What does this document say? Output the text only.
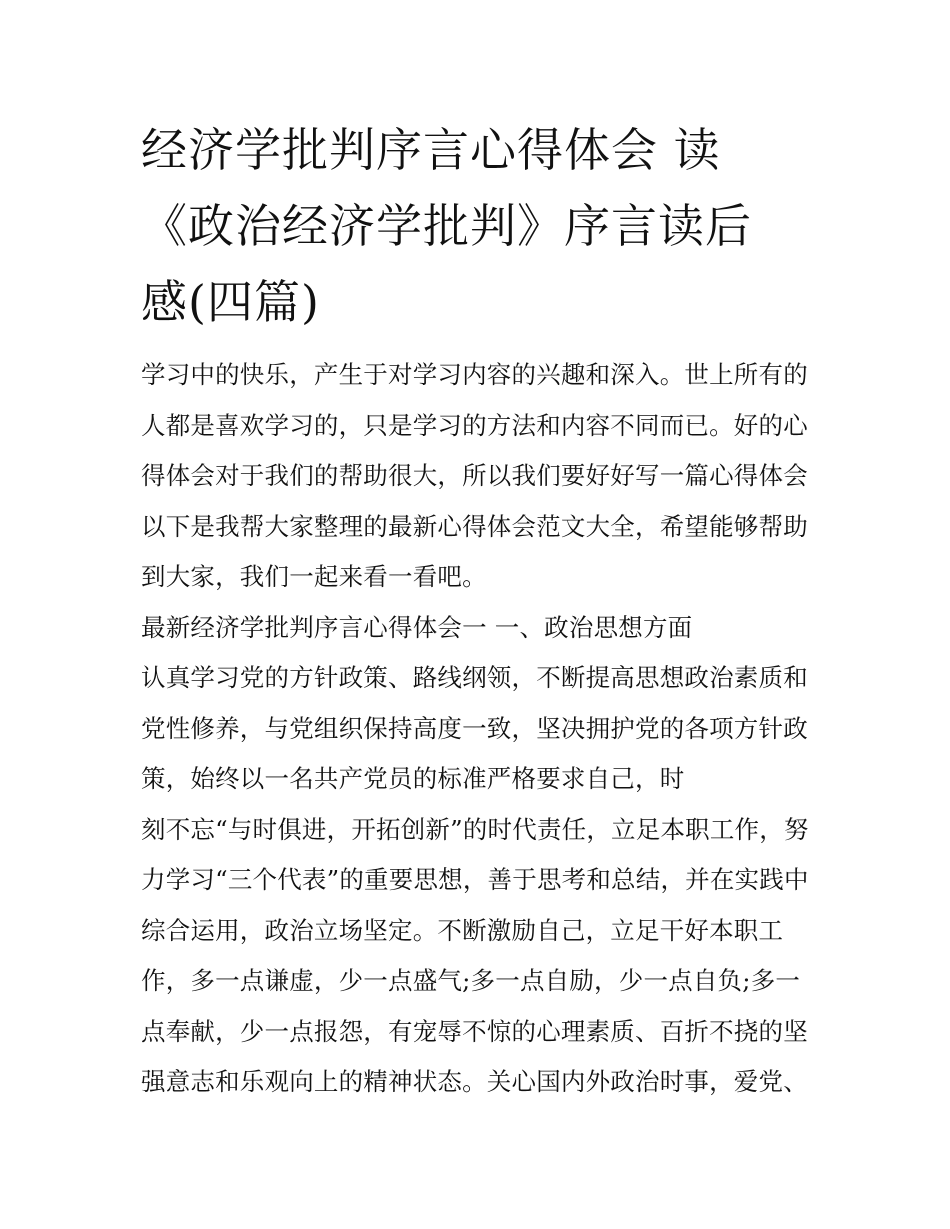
经济学批判序言心得体会 读
《政治经济学批判》序言读后
感(四篇)
学习中的快乐，产生于对学习内容的兴趣和深入。世上所有的
人都是喜欢学习的，只是学习的方法和内容不同而已。好的心
得体会对于我们的帮助很大，所以我们要好好写一篇心得体会
以下是我帮大家整理的最新心得体会范文大全，希望能够帮助
到大家，我们一起来看一看吧。
最新经济学批判序言心得体会一 一、政治思想方面
认真学习党的方针政策、路线纲领，不断提高思想政治素质和
党性修养，与党组织保持高度一致，坚决拥护党的各项方针政
策，始终以一名共产党员的标准严格要求自己，时
刻不忘“与时俱进，开拓创新”的时代责任，立足本职工作，努
力学习“三个代表”的重要思想，善于思考和总结，并在实践中
综合运用，政治立场坚定。不断激励自己，立足干好本职工
作，多一点谦虚，少一点盛气;多一点自励，少一点自负;多一
点奉献，少一点报怨，有宠辱不惊的心理素质、百折不挠的坚
强意志和乐观向上的精神状态。关心国内外政治时事，爱党、
